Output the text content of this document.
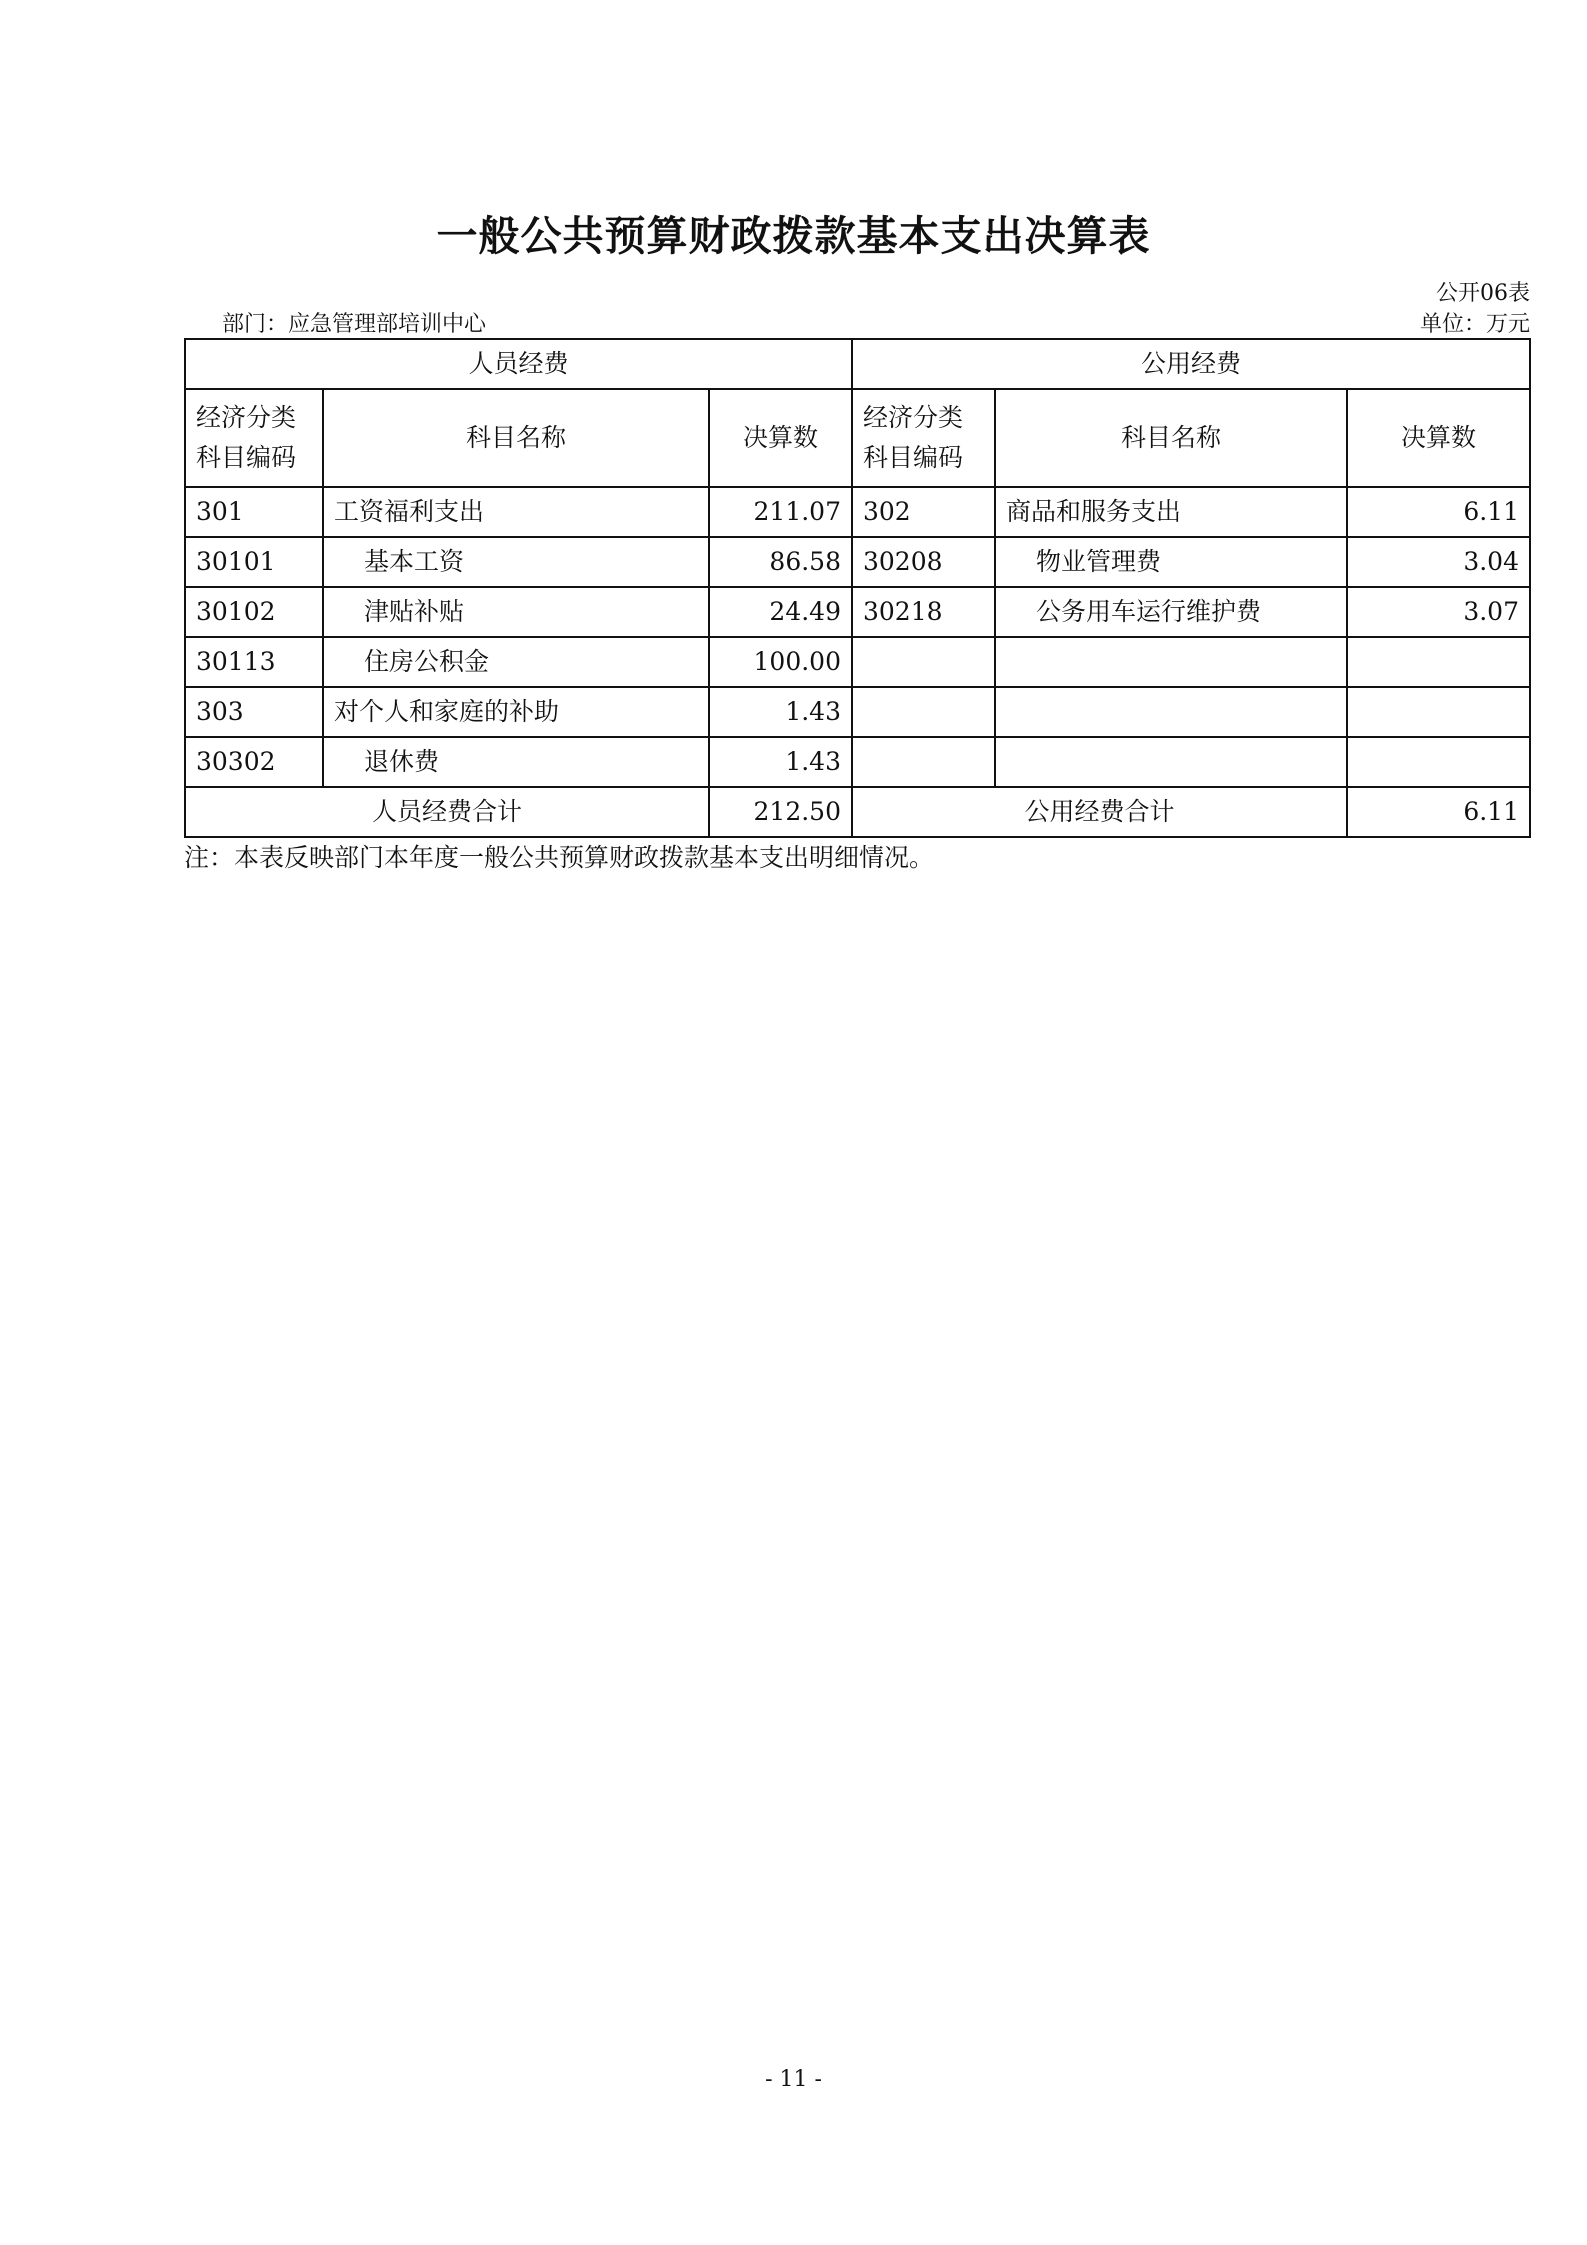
一般公共预算财政拨款基本支出决算表
公开06表
部门：应急管理部培训中心	单位：万元
人员经费			公用经费		
经济分类科目编码	科目名称	决算数	经济分类科目编码	科目名称	决算数
301	工资福利支出	211.07	302	商品和服务支出	6.11
30101	基本工资	86.58	30208	物业管理费	3.04
30102	津贴补贴	24.49	30218	公务用车运行维护费	3.07
30113	住房公积金	100.00			
303	对个人和家庭的补助	1.43			
30302	退休费	1.43			
人员经费合计		212.50	公用经费合计		6.11
注：本表反映部门本年度一般公共预算财政拨款基本支出明细情况。
- 11 -
